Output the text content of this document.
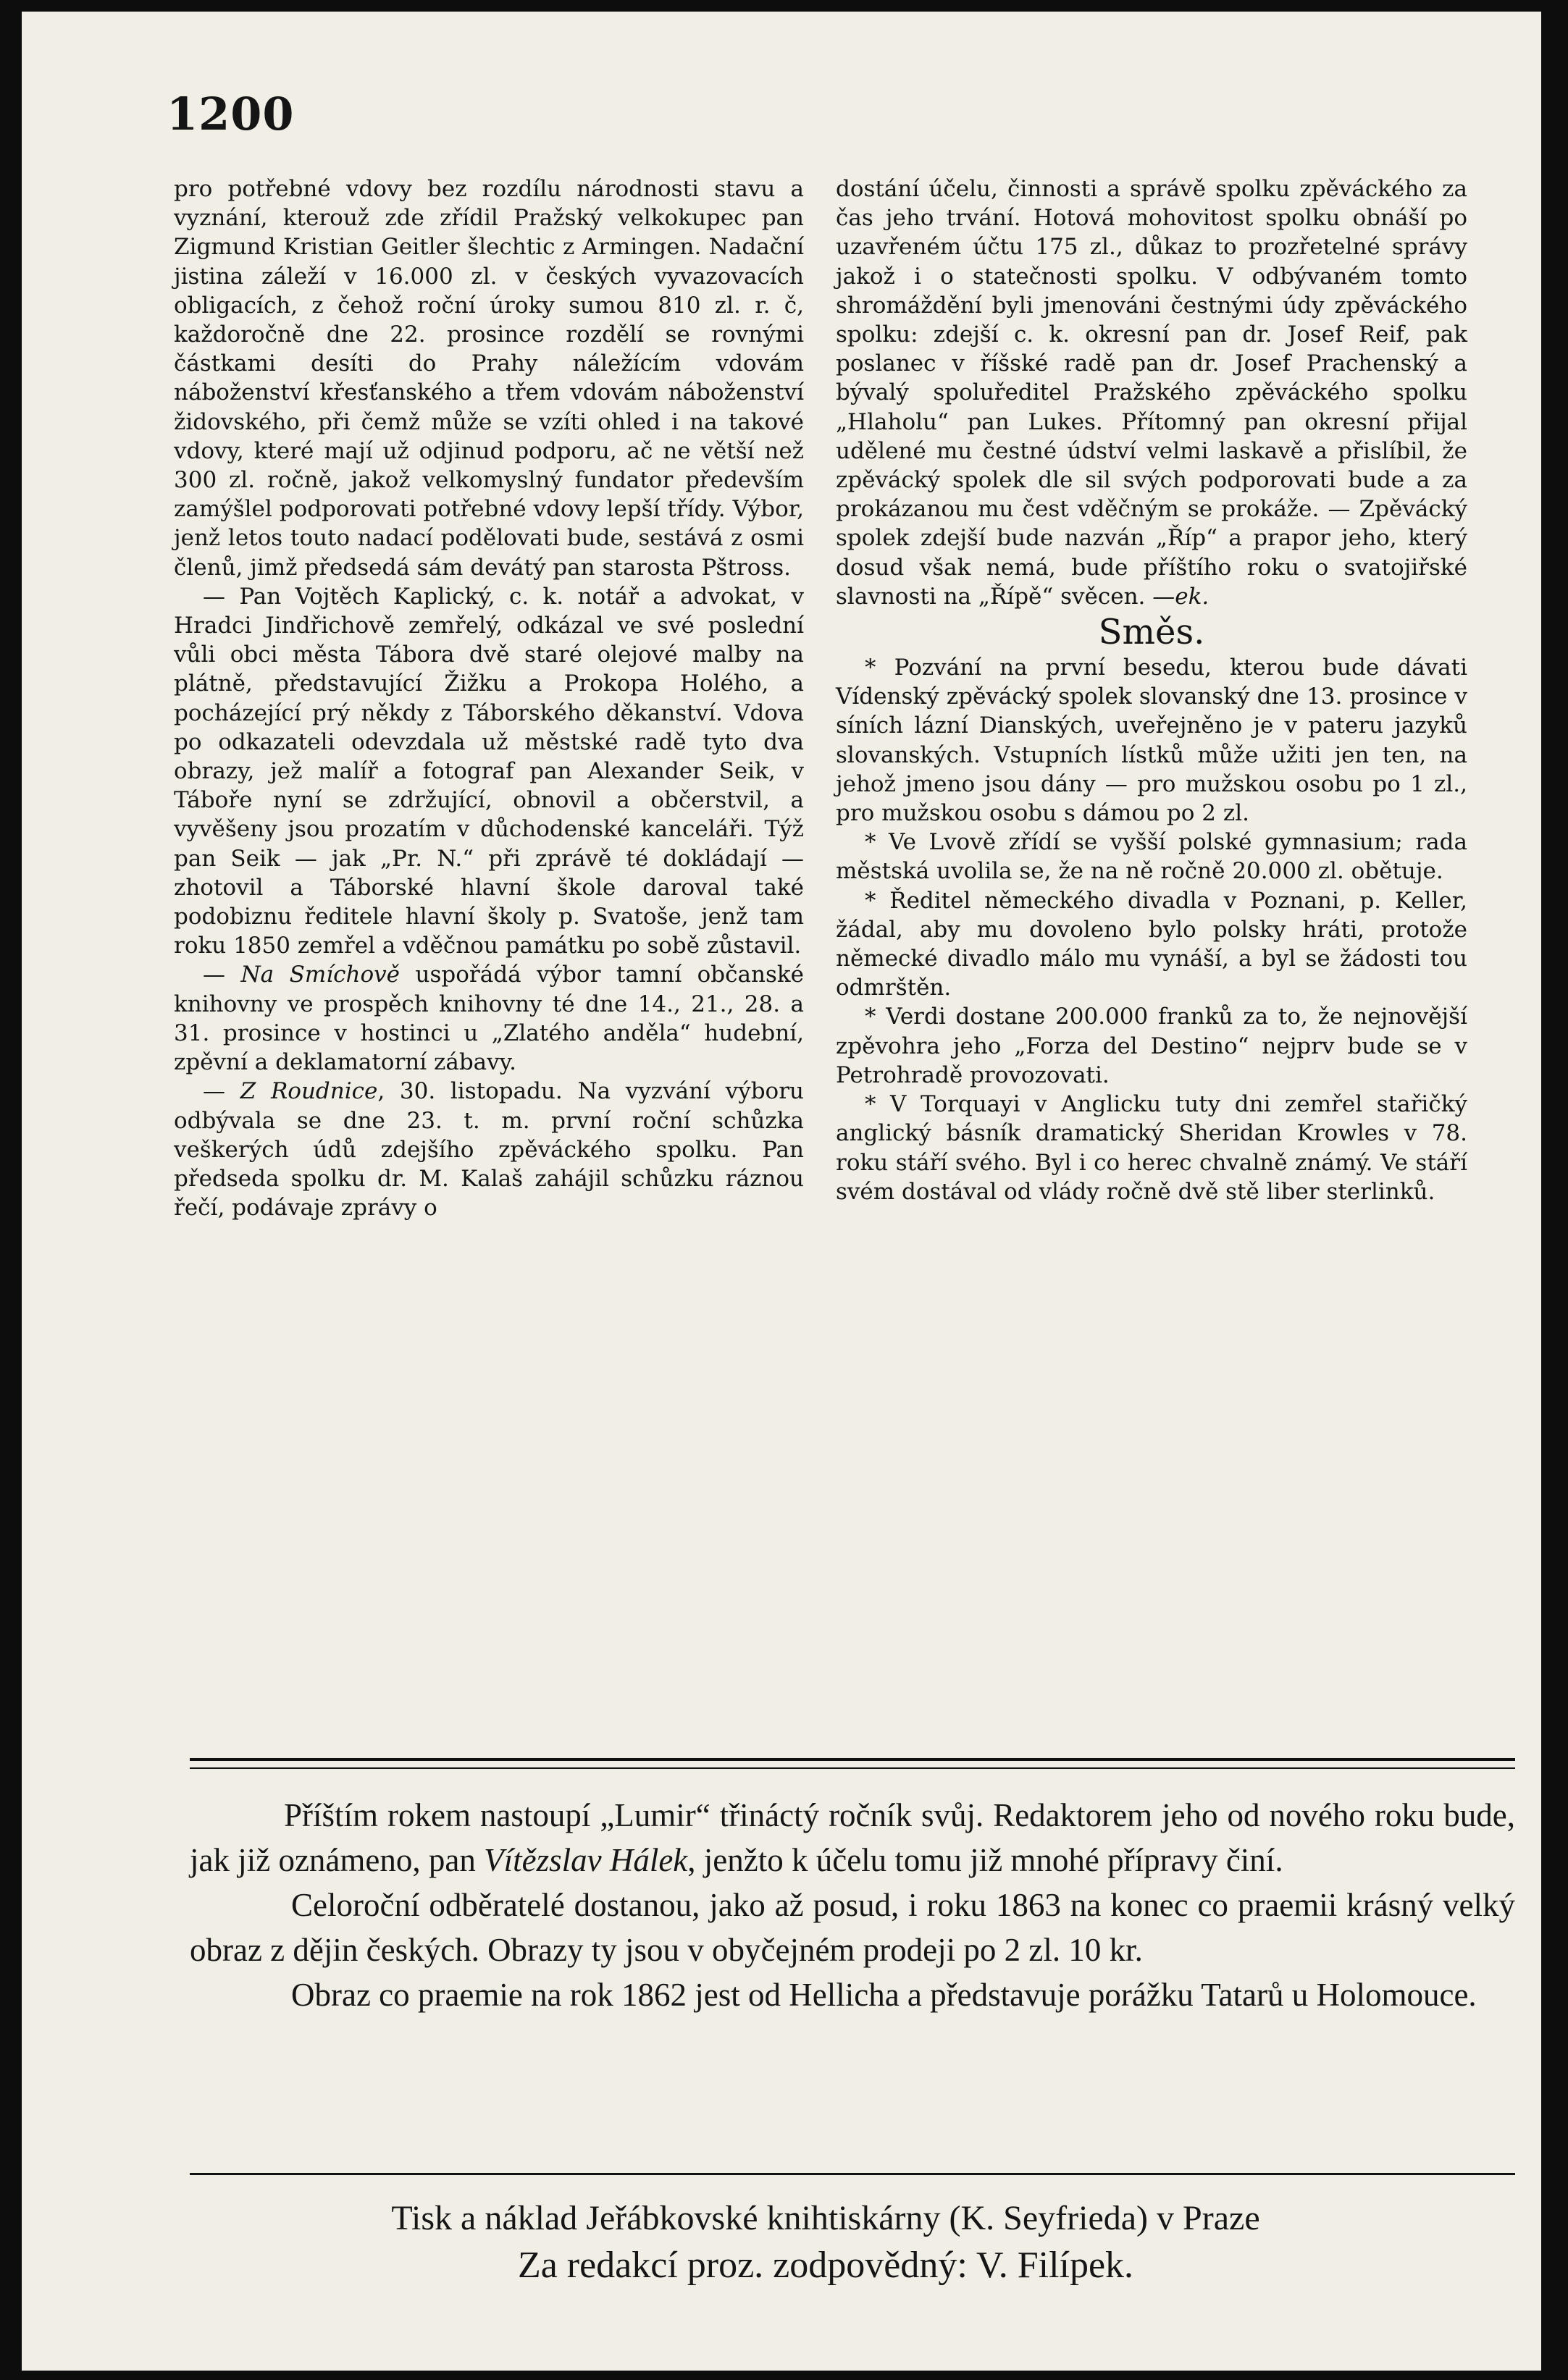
1200

pro potřebné vdovy bez rozdílu národnosti stavu a vyznání, kterouž zde zřídil Pražský velkokupec pan Zigmund Kristian Geitler šlechtic z Armingen. Nadační jistina záleží v 16.000 zl. v českých vyvazovacích obligacích, z čehož roční úroky sumou 810 zl. r. č, každoročně dne 22. prosince rozdělí se rovnými částkami desíti do Prahy náležícím vdovám náboženství křesťanského a třem vdovám náboženství židovského, při čemž může se vzíti ohled i na takové vdovy, které mají už odjinud podporu, ač ne větší než 300 zl. ročně, jakož velkomyslný fundator především zamýšlel podporovati potřebné vdovy lepší třídy. Výbor, jenž letos touto nadací podělovati bude, sestává z osmi členů, jimž předsedá sám devátý pan starosta Pštross.

— Pan Vojtěch Kaplický, c. k. notář a advokat, v Hradci Jindřichově zemřelý, odkázal ve své poslední vůli obci města Tábora dvě staré olejové malby na plátně, představující Žižku a Prokopa Holého, a pocházející prý někdy z Táborského děkanství. Vdova po odkazateli odevzdala už městské radě tyto dva obrazy, jež malíř a fotograf pan Alexander Seik, v Táboře nyní se zdržující, obnovil a občerstvil, a vyvěšeny jsou prozatím v důchodenské kanceláři. Týž pan Seik — jak „Pr. N.“ při zprávě té dokládají — zhotovil a Táborské hlavní škole daroval také podobiznu ředitele hlavní školy p. Svatoše, jenž tam roku 1850 zemřel a vděčnou památku po sobě zůstavil.

— Na Smíchově uspořádá výbor tamní občanské knihovny ve prospěch knihovny té dne 14., 21., 28. a 31. prosince v hostinci u „Zlatého anděla“ hudební, zpěvní a deklamatorní zábavy.

— Z Roudnice, 30. listopadu. Na vyzvání výboru odbývala se dne 23. t. m. první roční schůzka veškerých údů zdejšího zpěváckého spolku. Pan předseda spolku dr. M. Kalaš zahájil schůzku ráznou řečí, podávaje zprávy o

dostání účelu, činnosti a správě spolku zpěváckého za čas jeho trvání. Hotová mohovitost spolku obnáší po uzavřeném účtu 175 zl., důkaz to prozřetelné správy jakož i o statečnosti spolku. V odbývaném tomto shromáždění byli jmenováni čestnými údy zpěváckého spolku: zdejší c. k. okresní pan dr. Josef Reif, pak poslanec v říšské radě pan dr. Josef Prachenský a bývalý spoluředitel Pražského zpěváckého spolku „Hlaholu“ pan Lukes. Přítomný pan okresní přijal udělené mu čestné údství velmi laskavě a přislíbil, že zpěvácký spolek dle sil svých podporovati bude a za prokázanou mu čest vděčným se prokáže. — Zpěvácký spolek zdejší bude nazván „Říp“ a prapor jeho, který dosud však nemá, bude příštího roku o svatojiřské slavnosti na „Řípě“ svěcen. —ek.

Směs.

* Pozvání na první besedu, kterou bude dávati Vídenský zpěvácký spolek slovanský dne 13. prosince v síních lázní Dianských, uveřejněno je v pateru jazyků slovanských. Vstupních lístků může užiti jen ten, na jehož jmeno jsou dány — pro mužskou osobu po 1 zl., pro mužskou osobu s dámou po 2 zl.

* Ve Lvově zřídí se vyšší polské gymnasium; rada městská uvolila se, že na ně ročně 20.000 zl. obětuje.

* Ředitel německého divadla v Poznani, p. Keller, žádal, aby mu dovoleno bylo polsky hráti, protože německé divadlo málo mu vynáší, a byl se žádosti tou odmrštěn.

* Verdi dostane 200.000 franků za to, že nejnovější zpěvohra jeho „Forza del Destino“ nejprv bude se v Petrohradě provozovati.

* V Torquayi v Anglicku tuty dni zemřel stařičký anglický básník dramatický Sheridan Krowles v 78. roku stáří svého. Byl i co herec chvalně známý. Ve stáří svém dostával od vlády ročně dvě stě liber sterlinků.

Příštím rokem nastoupí „Lumir“ třináctý ročník svůj. Redaktorem jeho od nového roku bude, jak již oznámeno, pan Vítězslav Hálek, jenžto k účelu tomu již mnohé přípravy činí.

Celoroční odběratelé dostanou, jako až posud, i roku 1863 na konec co praemii krásný velký obraz z dějin českých. Obrazy ty jsou v obyčejném prodeji po 2 zl. 10 kr.

Obraz co praemie na rok 1862 jest od Hellicha a představuje porážku Tatarů u Holomouce.

Tisk a náklad Jeřábkovské knihtiskárny (K. Seyfrieda) v Praze
Za redakcí proz. zodpovědný: V. Filípek.
